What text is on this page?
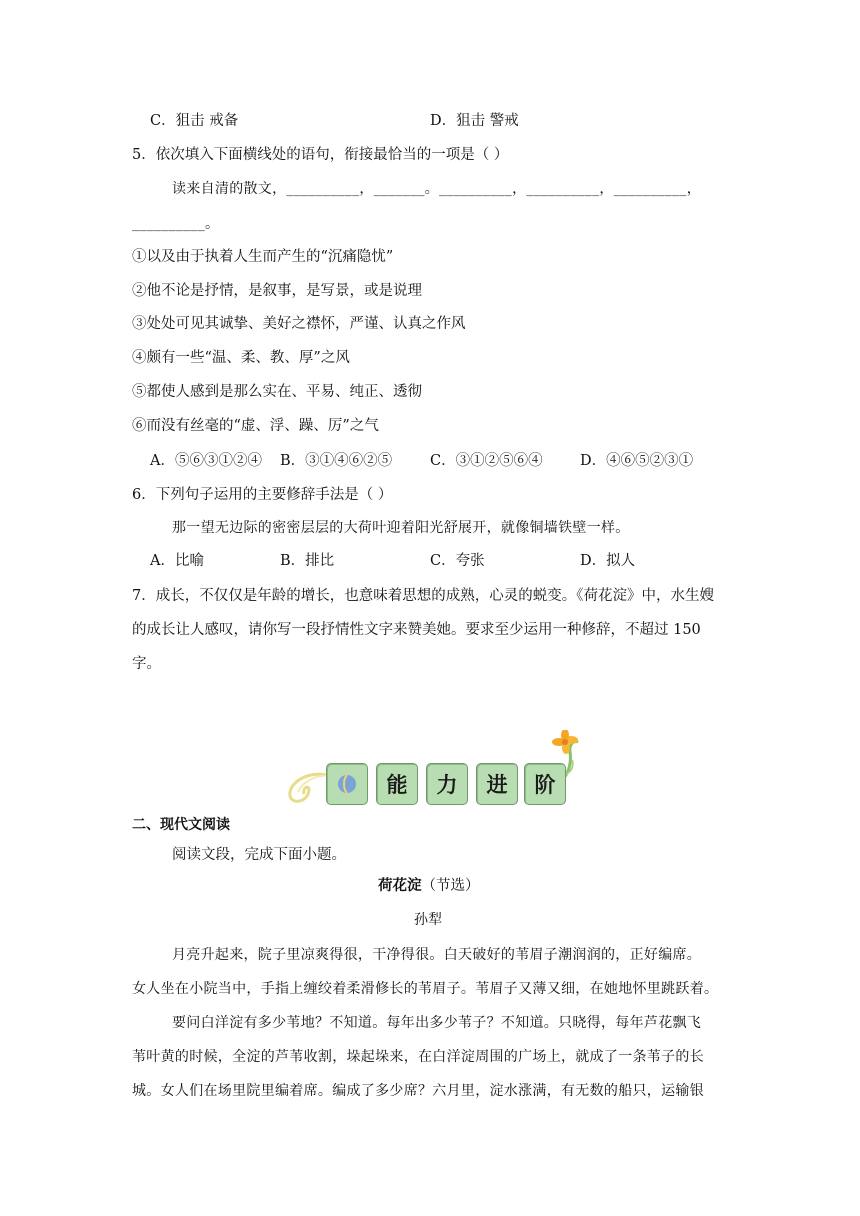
C．狙击 戒备	D．狙击 警戒
5．依次填入下面横线处的语句，衔接最恰当的一项是（ ）
读来自清的散文，__________，_______。__________，__________，__________，
__________。
①以及由于执着人生而产生的“沉痛隐忧”
②他不论是抒情，是叙事，是写景，或是说理
③处处可见其诚挚、美好之襟怀，严谨、认真之作风
④颇有一些“温、柔、教、厚”之风
⑤都使人感到是那么实在、平易、纯正、透彻
⑥而没有丝毫的“虚、浮、躁、厉”之气
A．⑤⑥③①②④ B．③①④⑥②⑤	C．③①②⑤⑥④	D．④⑥⑤②③①
6．下列句子运用的主要修辞手法是（ ）
那一望无边际的密密层层的大荷叶迎着阳光舒展开，就像铜墙铁壁一样。
A．比喻	B．排比	C．夸张	D．拟人
7．成长，不仅仅是年龄的增长，也意味着思想的成熟，心灵的蜕变。《荷花淀》中，水生嫂
的成长让人感叹，请你写一段抒情性文字来赞美她。要求至少运用一种修辞，不超过 150
字。
能	力	进	阶
二、现代文阅读
阅读文段，完成下面小题。
荷花淀（节选）
孙犁
月亮升起来，院子里凉爽得很，干净得很。白天破好的苇眉子潮润润的，正好编席。
女人坐在小院当中，手指上缠绞着柔滑修长的苇眉子。苇眉子又薄又细，在她地怀里跳跃着。
要问白洋淀有多少苇地？不知道。每年出多少苇子？不知道。只晓得，每年芦花飘飞
苇叶黄的时候，全淀的芦苇收割，垛起垛来，在白洋淀周围的广场上，就成了一条苇子的长
城。女人们在场里院里编着席。编成了多少席？六月里，淀水涨满，有无数的船只，运输银
